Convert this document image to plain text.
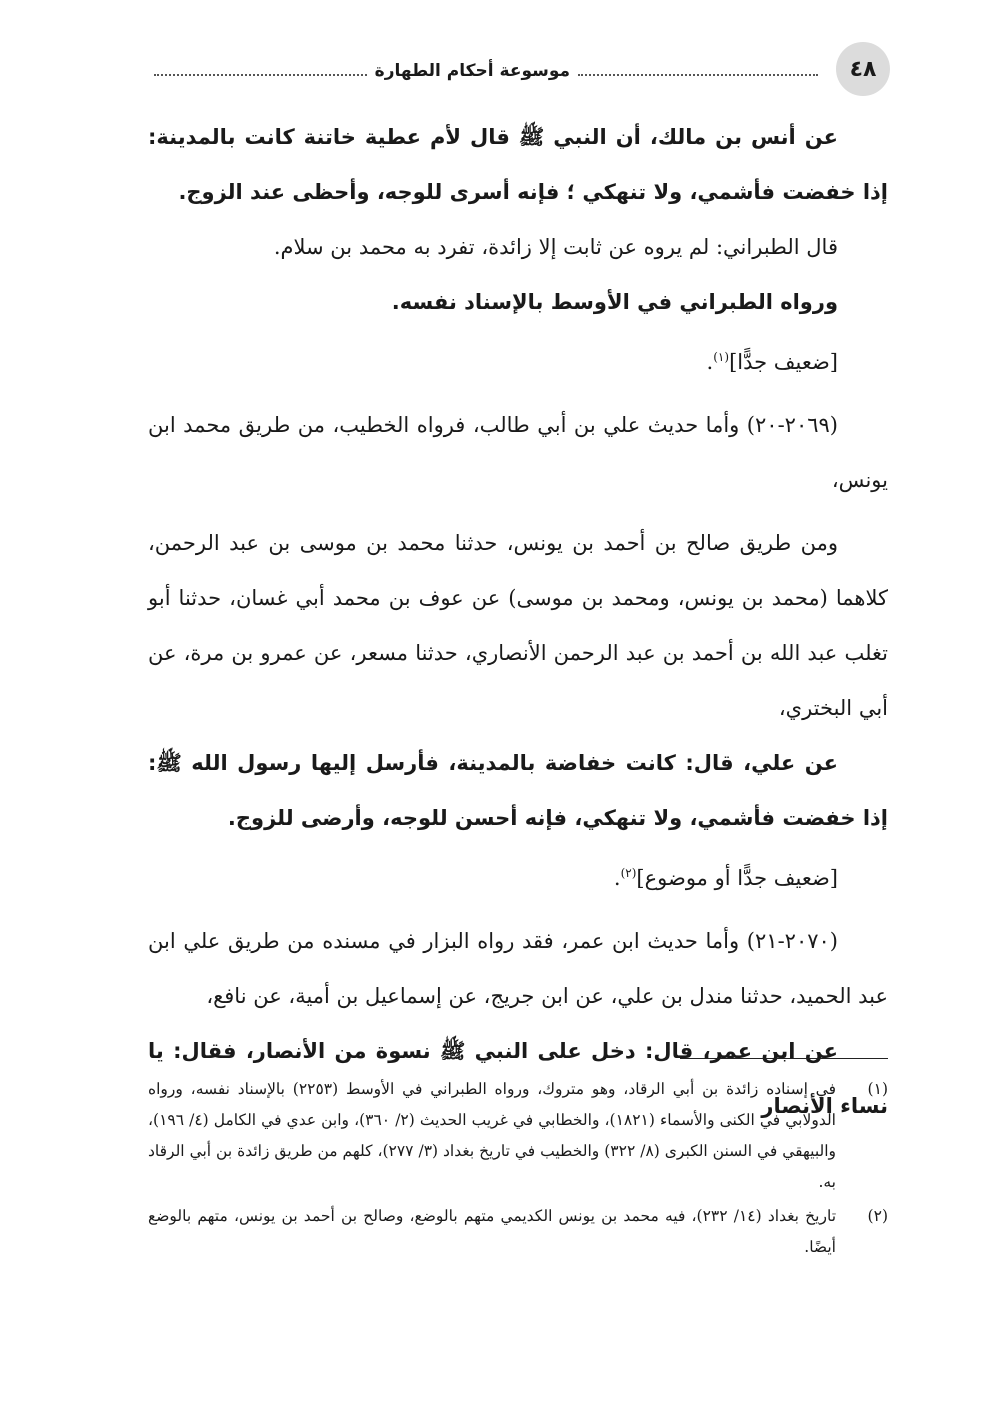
٤٨
موسوعة أحكام الطهارة

عن أنس بن مالك، أن النبي ﷺ قال لأم عطية خاتنة كانت بالمدينة: إذا خفضت فأشمي، ولا تنهكي ؛ فإنه أسرى للوجه، وأحظى عند الزوج.

قال الطبراني: لم يروه عن ثابت إلا زائدة، تفرد به محمد بن سلام.

ورواه الطبراني في الأوسط بالإسناد نفسه.

[ضعيف جدًّا]$^{(١)}$.

(٢٠٦٩-٢٠) وأما حديث علي بن أبي طالب، فرواه الخطيب، من طريق محمد ابن يونس،

ومن طريق صالح بن أحمد بن يونس، حدثنا محمد بن موسى بن عبد الرحمن، كلاهما (محمد بن يونس، ومحمد بن موسى) عن عوف بن محمد أبي غسان، حدثنا أبو تغلب عبد الله بن أحمد بن عبد الرحمن الأنصاري، حدثنا مسعر، عن عمرو بن مرة، عن أبي البختري،

عن علي، قال: كانت خفاضة بالمدينة، فأرسل إليها رسول الله ﷺ: إذا خفضت فأشمي، ولا تنهكي، فإنه أحسن للوجه، وأرضى للزوج.

[ضعيف جدًّا أو موضوع]$^{(٢)}$.

(٢٠٧٠-٢١) وأما حديث ابن عمر، فقد رواه البزار في مسنده من طريق علي ابن عبد الحميد، حدثنا مندل بن علي، عن ابن جريج، عن إسماعيل بن أمية، عن نافع،

عن ابن عمر، قال: دخل على النبي ﷺ نسوة من الأنصار، فقال: يا نساء الأنصار

(١)
في إسناده زائدة بن أبي الرقاد، وهو متروك، ورواه الطبراني في الأوسط (٢٢٥٣) بالإسناد نفسه، ورواه الدولابي في الكنى والأسماء (١٨٢١)، والخطابي في غريب الحديث (٢/ ٣٦٠)، وابن عدي في الكامل (٤/ ١٩٦)، والبيهقي في السنن الكبرى (٨/ ٣٢٢) والخطيب في تاريخ بغداد (٣/ ٢٧٧)، كلهم من طريق زائدة بن أبي الرقاد به.
(٢)
تاريخ بغداد (١٤/ ٢٣٢)، فيه محمد بن يونس الكديمي متهم بالوضع، وصالح بن أحمد بن يونس، متهم بالوضع أيضًا.
